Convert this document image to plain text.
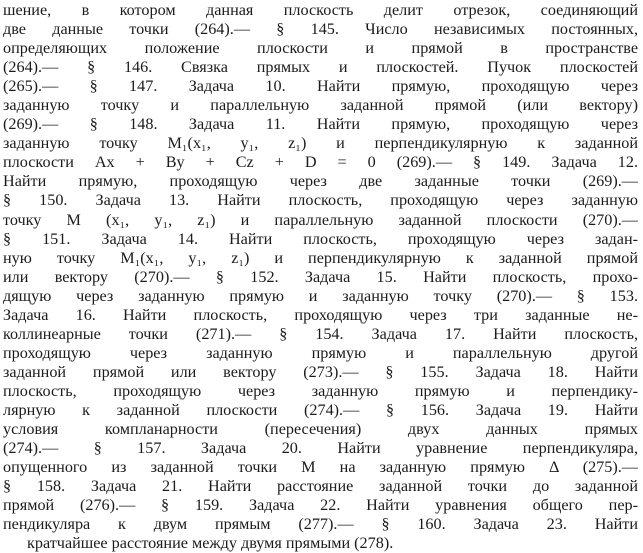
шение, в котором данная плоскость делит отрезок, соединяющий
две данные точки (264).— § 145. Число независимых постоянных,
определяющих положение плоскости и прямой в пространстве
(264).— § 146. Связка прямых и плоскостей. Пучок плоскостей
(265).— § 147. Задача 10. Найти прямую, проходящую через
заданную точку и параллельную заданной прямой (или вектору)
(269).— § 148. Задача 11. Найти прямую, проходящую через
заданную точку M₁(x₁, y₁, z₁) и перпендикулярную к заданной
плоскости Ax + By + Cz + D = 0 (269).— § 149. Задача 12.
Найти прямую, проходящую через две заданные точки (269).—
§ 150. Задача 13. Найти плоскость, проходящую через заданную
точку M (x₁, y₁, z₁) и параллельную заданной плоскости (270).—
§ 151. Задача 14. Найти плоскость, проходящую через задан-
ную точку M₁(x₁, y₁, z₁) и перпендикулярную к заданной прямой
или вектору (270).— § 152. Задача 15. Найти плоскость, прохо-
дящую через заданную прямую и заданную точку (270).— § 153.
Задача 16. Найти плоскость, проходящую через три заданные не-
коллинеарные точки (271).— § 154. Задача 17. Найти плоскость,
проходящую через заданную прямую и параллельную другой
заданной прямой или вектору (273).— § 155. Задача 18. Найти
плоскость, проходящую через заданную прямую и перпендику-
лярную к заданной плоскости (274).— § 156. Задача 19. Найти
условия компланарности (пересечения) двух данных прямых
(274).— § 157. Задача 20. Найти уравнение перпендикуляра,
опущенного из заданной точки M на заданную прямую Δ (275).—
§ 158. Задача 21. Найти расстояние заданной точки до заданной
прямой (276).— § 159. Задача 22. Найти уравнения общего пер-
пендикуляра к двум прямым (277).— § 160. Задача 23. Найти
кратчайшее расстояние между двумя прямыми (278).
